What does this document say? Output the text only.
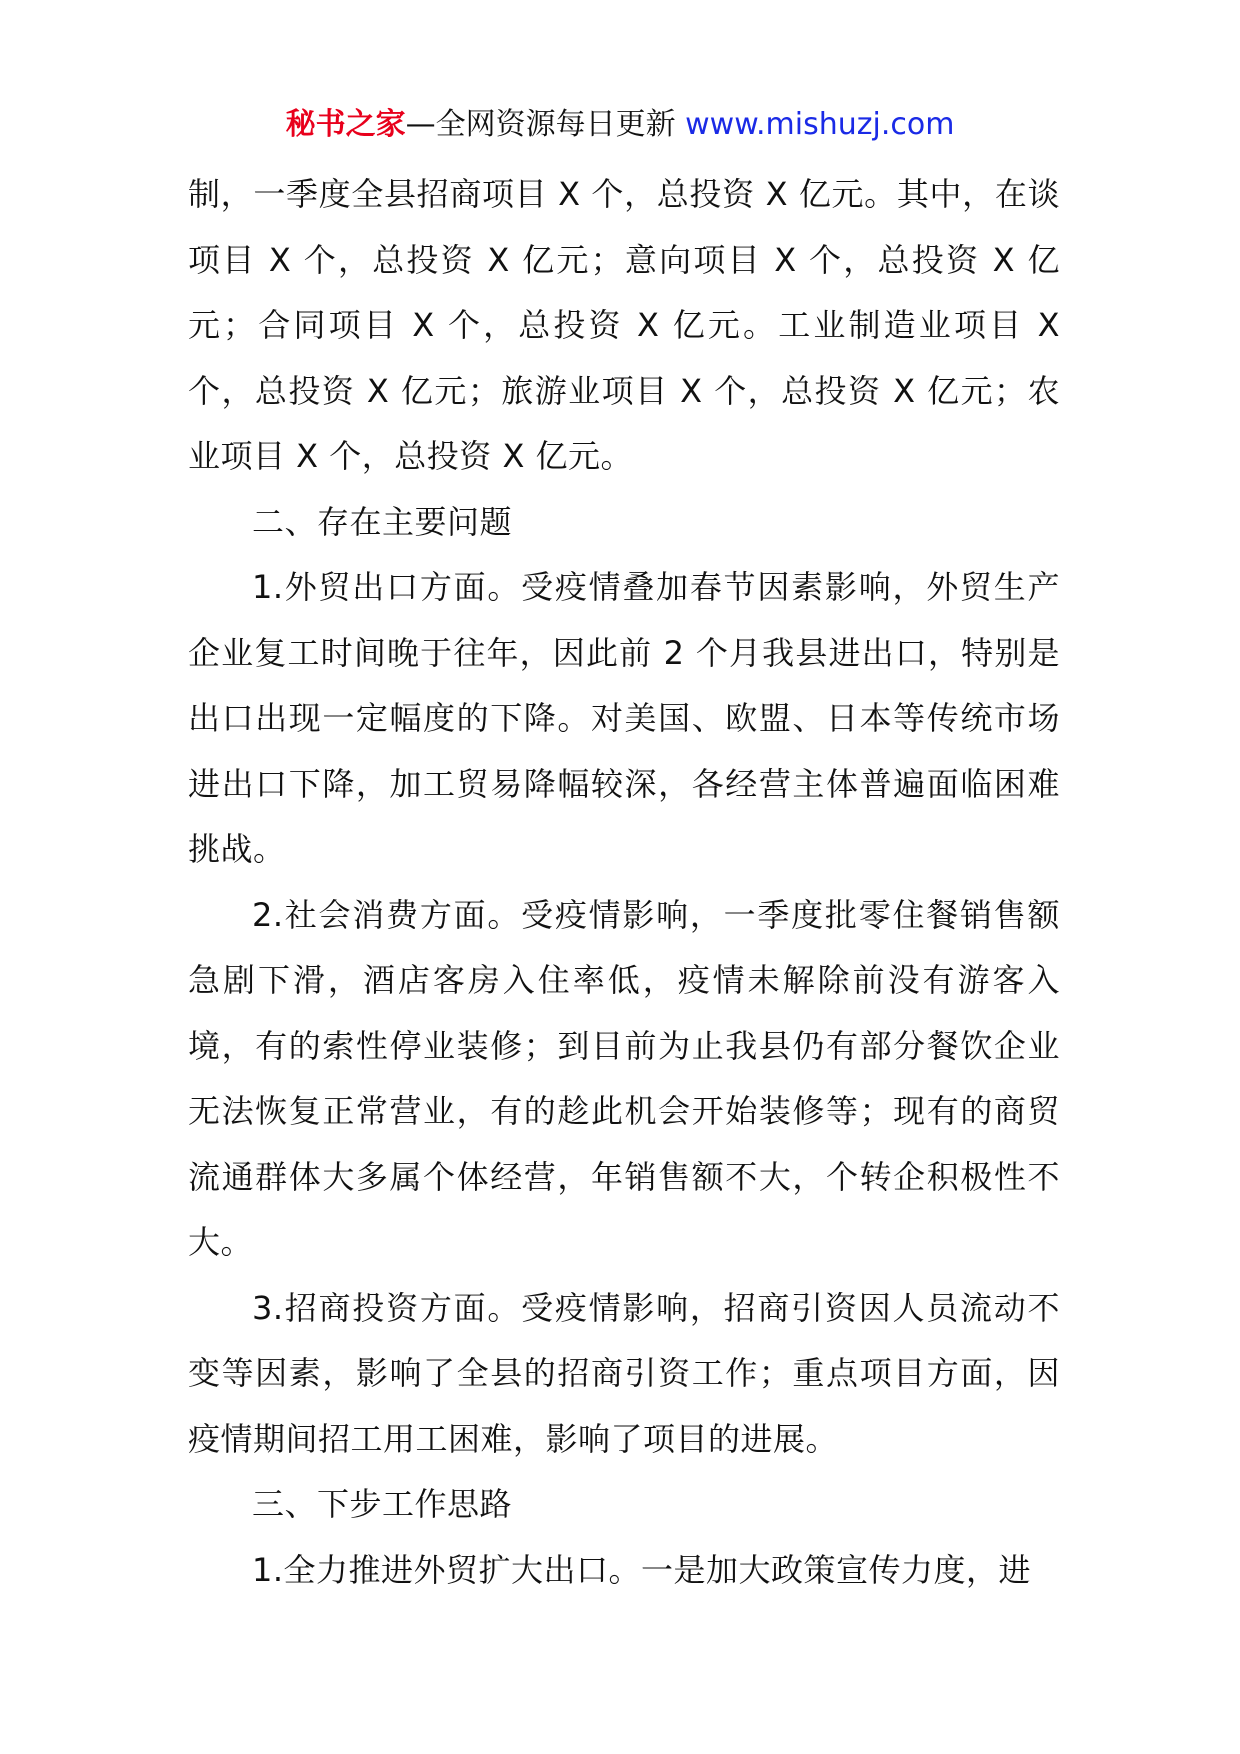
秘书之家—全网资源每日更新 www.mishuzj.com

制，一季度全县招商项目 X 个，总投资 X 亿元。其中，在谈项目 X 个，总投资 X 亿元；意向项目 X 个，总投资 X 亿元；合同项目 X 个，总投资 X 亿元。工业制造业项目 X 个，总投资 X 亿元；旅游业项目 X 个，总投资 X 亿元；农业项目 X 个，总投资 X 亿元。

二、存在主要问题

1.外贸出口方面。受疫情叠加春节因素影响，外贸生产企业复工时间晚于往年，因此前 2 个月我县进出口，特别是出口出现一定幅度的下降。对美国、欧盟、日本等传统市场进出口下降，加工贸易降幅较深，各经营主体普遍面临困难挑战。

2.社会消费方面。受疫情影响，一季度批零住餐销售额急剧下滑，酒店客房入住率低，疫情未解除前没有游客入境，有的索性停业装修；到目前为止我县仍有部分餐饮企业无法恢复正常营业，有的趁此机会开始装修等；现有的商贸流通群体大多属个体经营，年销售额不大，个转企积极性不大。

3.招商投资方面。受疫情影响，招商引资因人员流动不变等因素，影响了全县的招商引资工作；重点项目方面，因疫情期间招工用工困难，影响了项目的进展。

三、下步工作思路

1.全力推进外贸扩大出口。一是加大政策宣传力度，进
